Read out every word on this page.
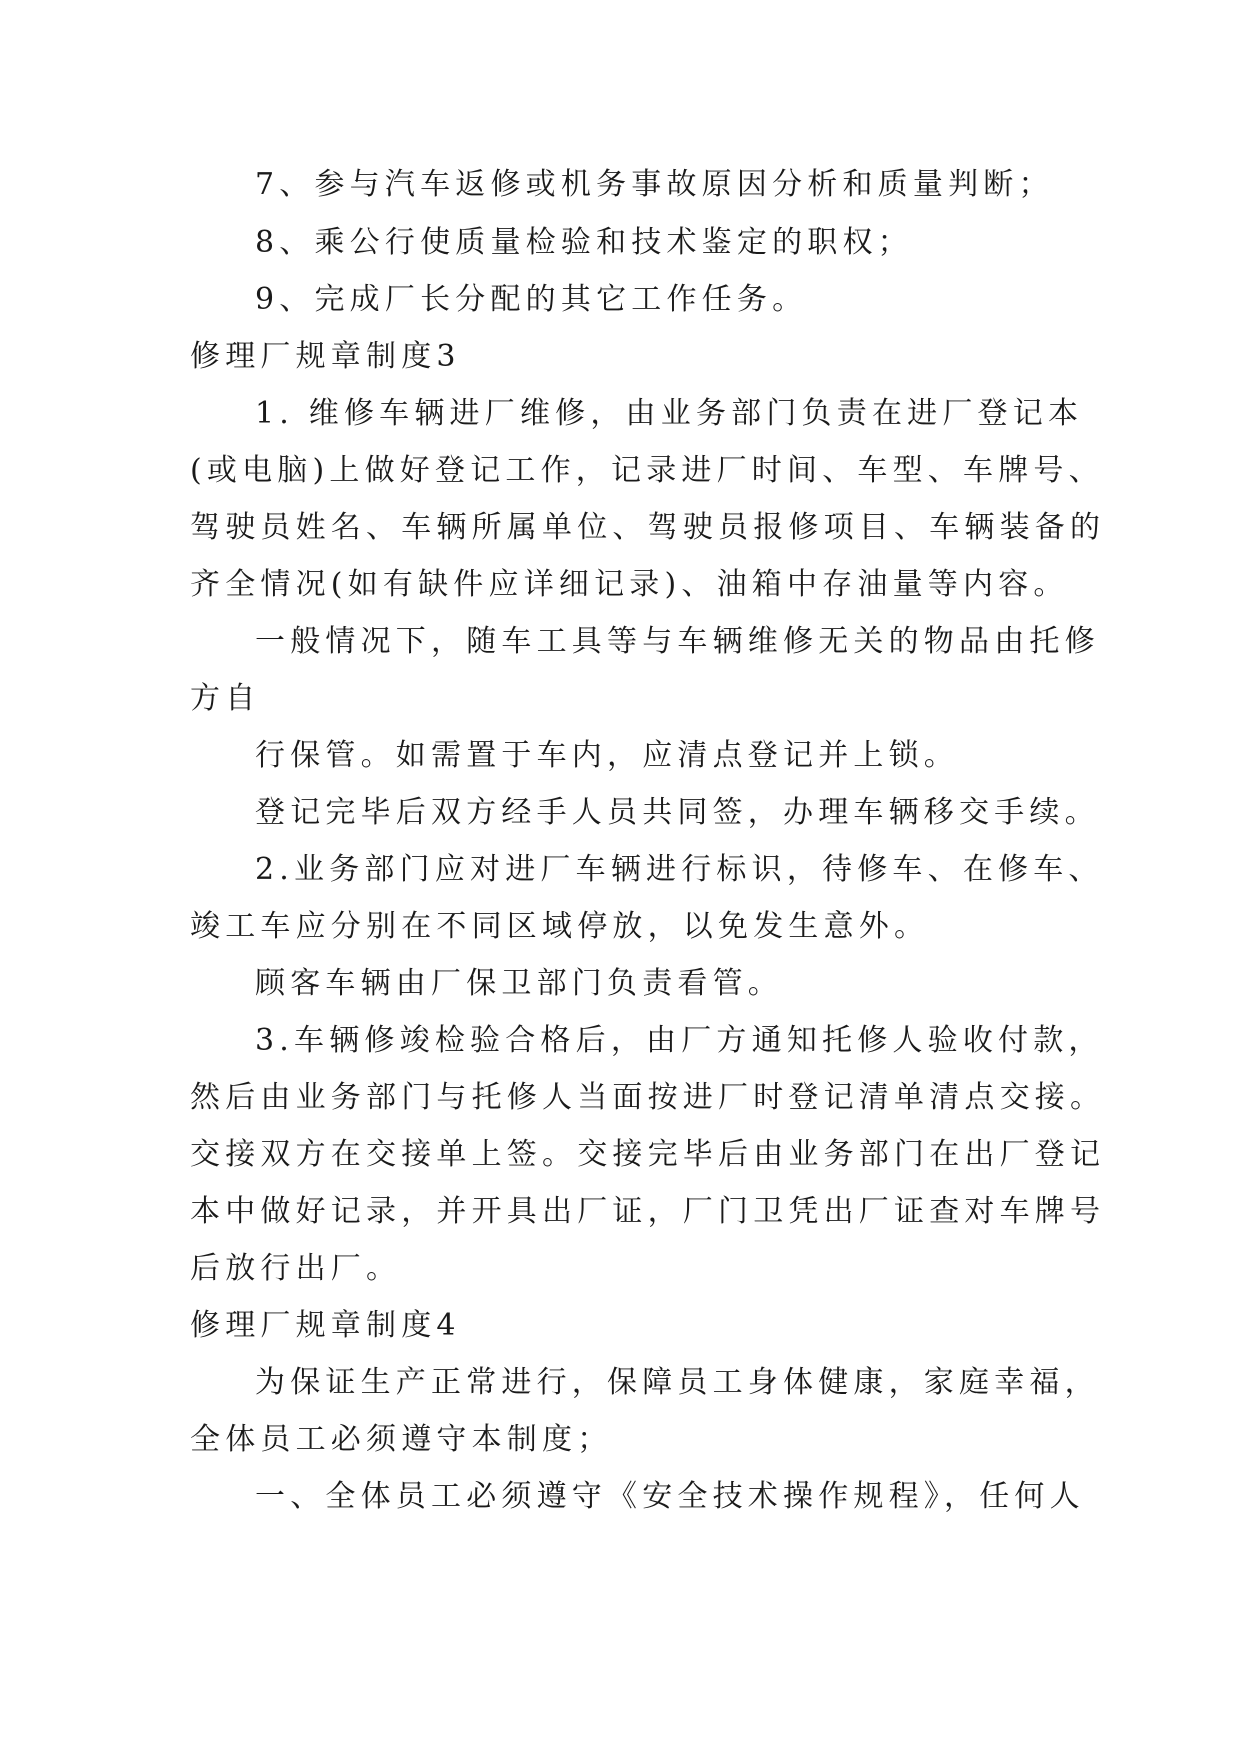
7、参与汽车返修或机务事故原因分析和质量判断；
8、乘公行使质量检验和技术鉴定的职权；
9、完成厂长分配的其它工作任务。
修理厂规章制度3
1. 维修车辆进厂维修，由业务部门负责在进厂登记本
(或电脑)上做好登记工作，记录进厂时间、车型、车牌号、
驾驶员姓名、车辆所属单位、驾驶员报修项目、车辆装备的
齐全情况(如有缺件应详细记录)、油箱中存油量等内容。
一般情况下，随车工具等与车辆维修无关的物品由托修
方自
行保管。如需置于车内，应清点登记并上锁。
登记完毕后双方经手人员共同签，办理车辆移交手续。
2.业务部门应对进厂车辆进行标识，待修车、在修车、
竣工车应分别在不同区域停放，以免发生意外。
顾客车辆由厂保卫部门负责看管。
3.车辆修竣检验合格后，由厂方通知托修人验收付款，
然后由业务部门与托修人当面按进厂时登记清单清点交接。
交接双方在交接单上签。交接完毕后由业务部门在出厂登记
本中做好记录，并开具出厂证，厂门卫凭出厂证查对车牌号
后放行出厂。
修理厂规章制度4
为保证生产正常进行，保障员工身体健康，家庭幸福，
全体员工必须遵守本制度；
一、全体员工必须遵守《安全技术操作规程》，任何人
